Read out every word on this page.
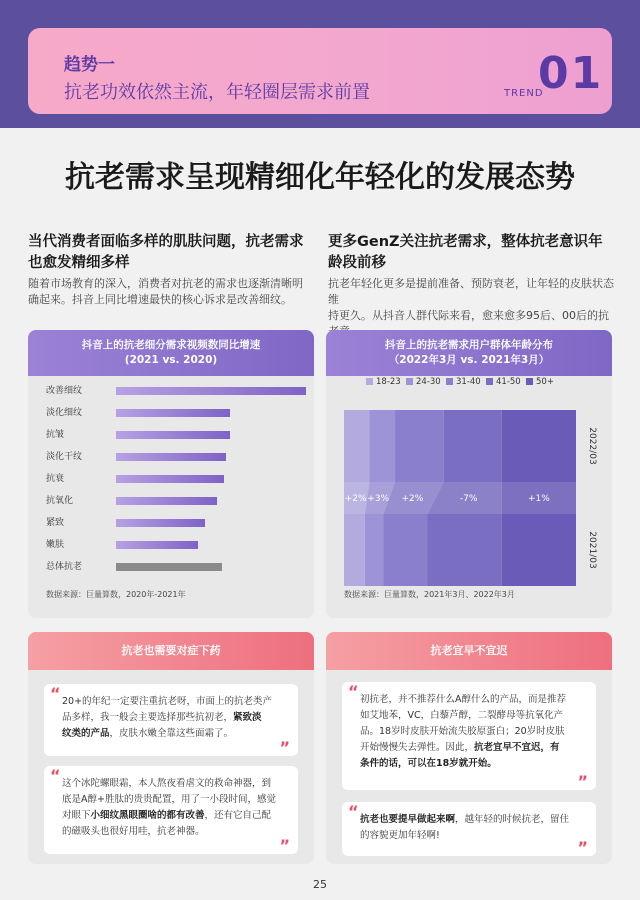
趋势一
抗老功效依然主流，年轻圈层需求前置	TREND
01
抗老需求呈现精细化年轻化的发展态势
当代消费者面临多样的肌肤问题，抗老需求
也愈发精细多样
随着市场教育的深入，消费者对抗老的需求也逐渐清晰明
确起来。抖音上同比增速最快的核心诉求是改善细纹。
更多GenZ关注抗老需求，整体抗老意识年
龄段前移
抗老年轻化更多是提前准备、预防衰老，让年轻的皮肤状态维
持更久。从抖音人群代际来看，愈来愈多95后、00后的抗
抖音上的抗老细分需求视频数同比增速
(2021 vs. 2020)
改善细纹
淡化细纹
抗皱
淡化干纹
抗衰
抗氧化
紧致
嫩肤
总体抗老
数据来源：巨量算数，2020年-2021年
抖音上的抗老需求用户群体年龄分布
（2022年3月 vs. 2021年3月）
2022/03
2021/03
+2% +3% +2%	-7%	+1%
数据来源：巨量算数，2021年3月、2022年3月
18-23	24-30	31-40	41-50	50+
抗老也需要对症下药
“ 20+的年纪一定要注重抗老呀，市面上的抗老类产
品多样，我一般会主要选择那些抗初老，紧致淡
纹类的产品，皮肤水嫩全靠这些面霜了。
”
“ 这个冰陀螺眼霜，本人熬夜看虐文的救命神器，到
底是A醇+胜肽的贵贵配置，用了一小段时间，感觉
对眼下小细纹黑眼圈啥的都有改善，还有它自己配
的磁吸头也很好用哇，抗老神器。
”
抗老宜早不宜迟
“ 初抗老，并不推荐什么A醇什么的产品，而是推荐
如艾地苯，VC，白藜芦醇，二裂酵母等抗氧化产
品。18岁时皮肤开始流失胶原蛋白；20岁时皮肤
开始慢慢失去弹性。因此，抗老宜早不宜迟，有
条件的话，可以在18岁就开始。
”
“ 抗老也要提早做起来啊，越年轻的时候抗老，留住
的容貌更加年轻啊!
”
25
